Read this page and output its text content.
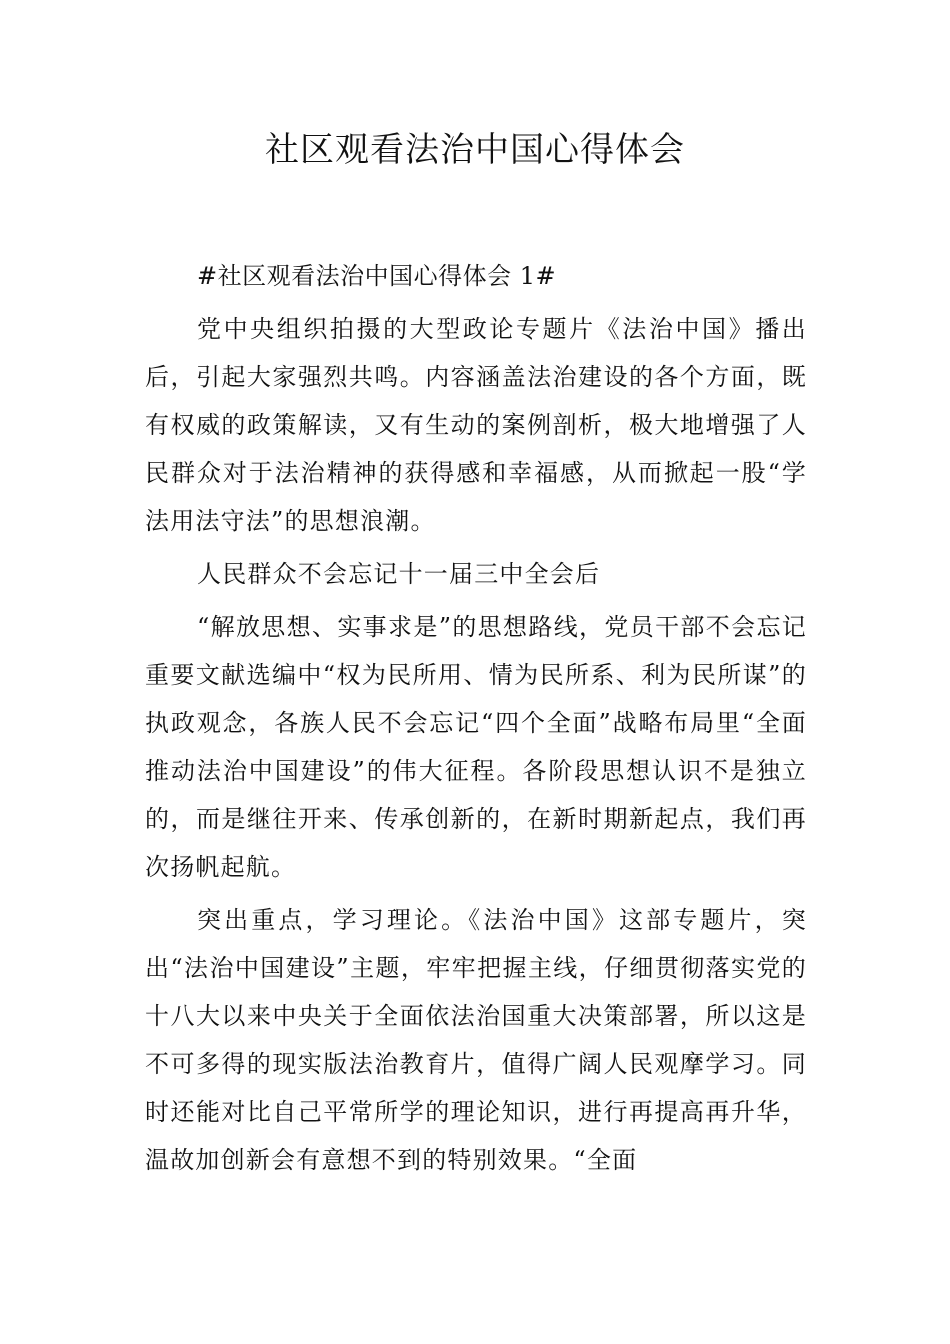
社区观看法治中国心得体会

#社区观看法治中国心得体会 1#

党中央组织拍摄的大型政论专题片《法治中国》播出后，引起大家强烈共鸣。内容涵盖法治建设的各个方面，既有权威的政策解读，又有生动的案例剖析，极大地增强了人民群众对于法治精神的获得感和幸福感，从而掀起一股“学法用法守法”的思想浪潮。

人民群众不会忘记十一届三中全会后

“解放思想、实事求是”的思想路线，党员干部不会忘记重要文献选编中“权为民所用、情为民所系、利为民所谋”的执政观念，各族人民不会忘记“四个全面”战略布局里“全面推动法治中国建设”的伟大征程。各阶段思想认识不是独立的，而是继往开来、传承创新的，在新时期新起点，我们再次扬帆起航。

突出重点，学习理论。《法治中国》这部专题片，突出“法治中国建设”主题，牢牢把握主线，仔细贯彻落实党的十八大以来中央关于全面依法治国重大决策部署，所以这是不可多得的现实版法治教育片，值得广阔人民观摩学习。同时还能对比自己平常所学的理论知识，进行再提高再升华，温故加创新会有意想不到的特别效果。“全面
